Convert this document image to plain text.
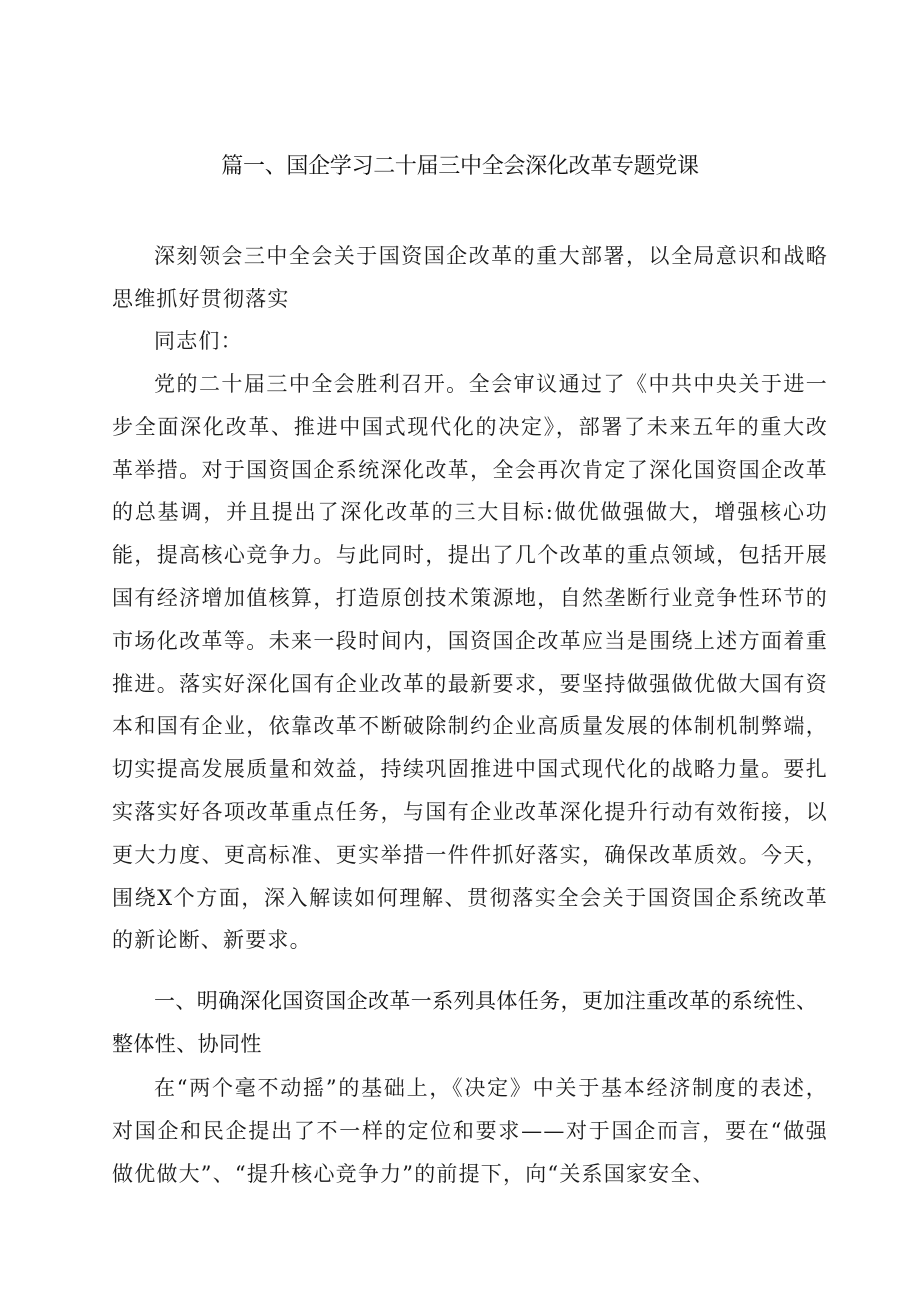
篇一、国企学习二十届三中全会深化改革专题党课

深刻领会三中全会关于国资国企改革的重大部署，以全局意识和战略思维抓好贯彻落实

同志们：

党的二十届三中全会胜利召开。全会审议通过了《中共中央关于进一步全面深化改革、推进中国式现代化的决定》，部署了未来五年的重大改革举措。对于国资国企系统深化改革，全会再次肯定了深化国资国企改革的总基调，并且提出了深化改革的三大目标:做优做强做大，增强核心功能，提高核心竞争力。与此同时，提出了几个改革的重点领域，包括开展国有经济增加值核算，打造原创技术策源地，自然垄断行业竞争性环节的市场化改革等。未来一段时间内，国资国企改革应当是围绕上述方面着重推进。落实好深化国有企业改革的最新要求，要坚持做强做优做大国有资本和国有企业，依靠改革不断破除制约企业高质量发展的体制机制弊端，切实提高发展质量和效益，持续巩固推进中国式现代化的战略力量。要扎实落实好各项改革重点任务，与国有企业改革深化提升行动有效衔接，以更大力度、更高标准、更实举措一件件抓好落实，确保改革质效。今天，围绕X个方面，深入解读如何理解、贯彻落实全会关于国资国企系统改革的新论断、新要求。

一、明确深化国资国企改革一系列具体任务，更加注重改革的系统性、整体性、协同性

在“两个毫不动摇”的基础上，《决定》中关于基本经济制度的表述，对国企和民企提出了不一样的定位和要求——对于国企而言，要在“做强做优做大”、“提升核心竞争力”的前提下，向“关系国家安全、
